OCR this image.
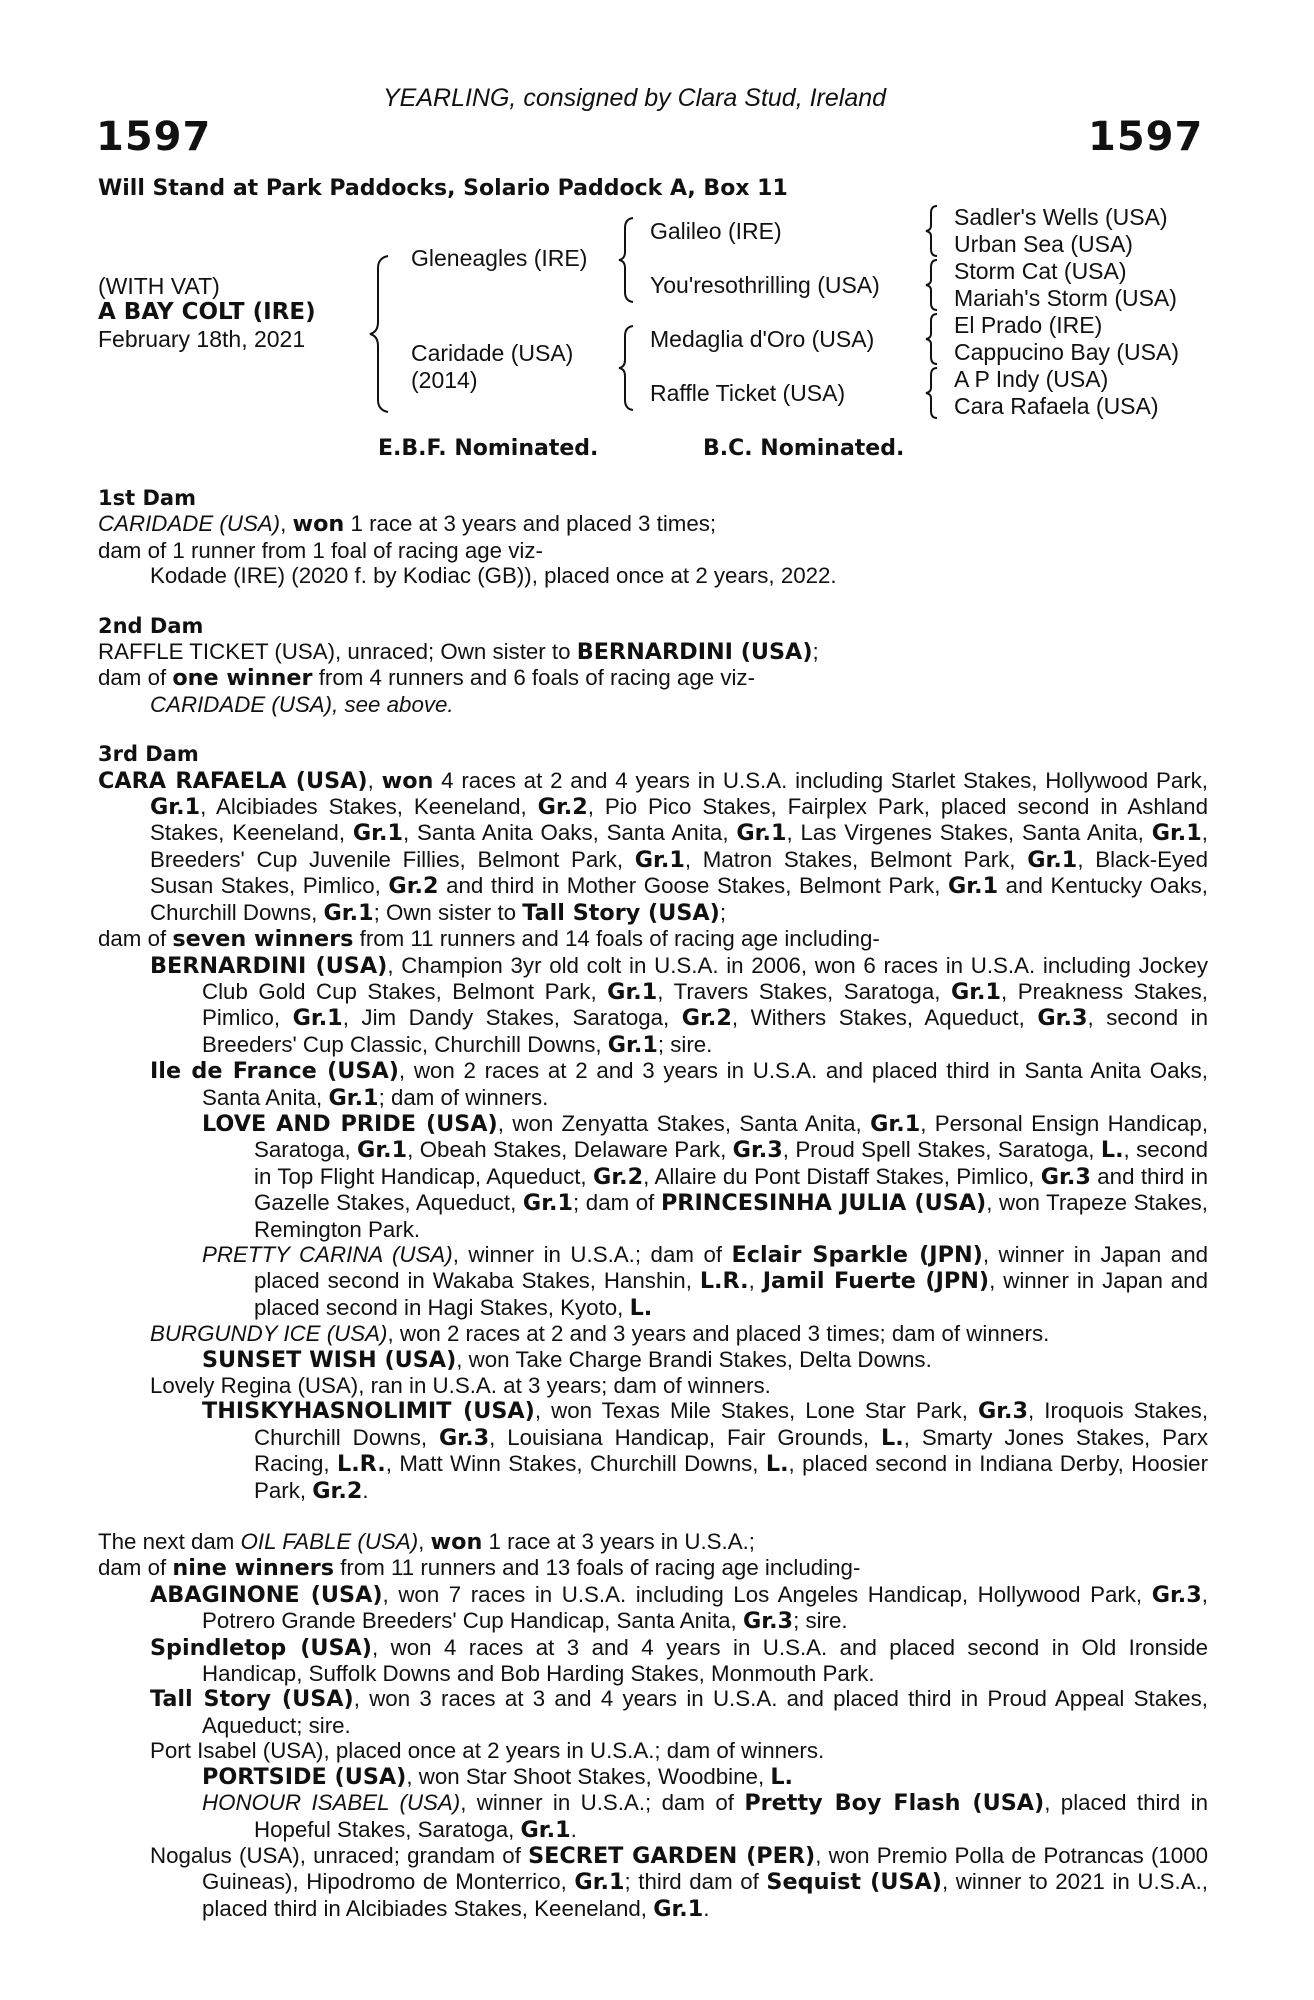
YEARLING, consigned by Clara Stud, Ireland
1597	1597
Will Stand at Park Paddocks, Solario Paddock A, Box 11
(WITH VAT)
A BAY COLT (IRE)
February 18th, 2021
Gleneagles (IRE)
Caridade (USA)
(2014)
Galileo (IRE)
You'resothrilling (USA)
Medaglia d'Oro (USA)
Raffle Ticket (USA)
Sadler's Wells (USA)
Urban Sea (USA)
Storm Cat (USA)
Mariah's Storm (USA)
El Prado (IRE)
Cappucino Bay (USA)
A P Indy (USA)
Cara Rafaela (USA)
E.B.F. Nominated.	B.C. Nominated.

1st Dam

CARIDADE (USA), won 1 race at 3 years and placed 3 times;

dam of 1 runner from 1 foal of racing age viz-

Kodade (IRE) (2020 f. by Kodiac (GB)), placed once at 2 years, 2022.

2nd Dam

RAFFLE TICKET (USA), unraced; Own sister to BERNARDINI (USA);

dam of one winner from 4 runners and 6 foals of racing age viz-

CARIDADE (USA), see above.

3rd Dam

CARA RAFAELA (USA), won 4 races at 2 and 4 years in U.S.A. including Starlet Stakes, Hollywood Park, Gr.1, Alcibiades Stakes, Keeneland, Gr.2, Pio Pico Stakes, Fairplex Park, placed second in Ashland Stakes, Keeneland, Gr.1, Santa Anita Oaks, Santa Anita, Gr.1, Las Virgenes Stakes, Santa Anita, Gr.1, Breeders' Cup Juvenile Fillies, Belmont Park, Gr.1, Matron Stakes, Belmont Park, Gr.1, Black-Eyed Susan Stakes, Pimlico, Gr.2 and third in Mother Goose Stakes, Belmont Park, Gr.1 and Kentucky Oaks, Churchill Downs, Gr.1; Own sister to Tall Story (USA);

dam of seven winners from 11 runners and 14 foals of racing age including-

BERNARDINI (USA), Champion 3yr old colt in U.S.A. in 2006, won 6 races in U.S.A. including Jockey Club Gold Cup Stakes, Belmont Park, Gr.1, Travers Stakes, Saratoga, Gr.1, Preakness Stakes, Pimlico, Gr.1, Jim Dandy Stakes, Saratoga, Gr.2, Withers Stakes, Aqueduct, Gr.3, second in Breeders' Cup Classic, Churchill Downs, Gr.1; sire.

Ile de France (USA), won 2 races at 2 and 3 years in U.S.A. and placed third in Santa Anita Oaks, Santa Anita, Gr.1; dam of winners.

LOVE AND PRIDE (USA), won Zenyatta Stakes, Santa Anita, Gr.1, Personal Ensign Handicap, Saratoga, Gr.1, Obeah Stakes, Delaware Park, Gr.3, Proud Spell Stakes, Saratoga, L., second in Top Flight Handicap, Aqueduct, Gr.2, Allaire du Pont Distaff Stakes, Pimlico, Gr.3 and third in Gazelle Stakes, Aqueduct, Gr.1; dam of PRINCESINHA JULIA (USA), won Trapeze Stakes, Remington Park.

PRETTY CARINA (USA), winner in U.S.A.; dam of Eclair Sparkle (JPN), winner in Japan and placed second in Wakaba Stakes, Hanshin, L.R., Jamil Fuerte (JPN), winner in Japan and placed second in Hagi Stakes, Kyoto, L.

BURGUNDY ICE (USA), won 2 races at 2 and 3 years and placed 3 times; dam of winners.

SUNSET WISH (USA), won Take Charge Brandi Stakes, Delta Downs.

Lovely Regina (USA), ran in U.S.A. at 3 years; dam of winners.

THISKYHASNOLIMIT (USA), won Texas Mile Stakes, Lone Star Park, Gr.3, Iroquois Stakes, Churchill Downs, Gr.3, Louisiana Handicap, Fair Grounds, L., Smarty Jones Stakes, Parx Racing, L.R., Matt Winn Stakes, Churchill Downs, L., placed second in Indiana Derby, Hoosier Park, Gr.2.

The next dam OIL FABLE (USA), won 1 race at 3 years in U.S.A.;

dam of nine winners from 11 runners and 13 foals of racing age including-

ABAGINONE (USA), won 7 races in U.S.A. including Los Angeles Handicap, Hollywood Park, Gr.3, Potrero Grande Breeders' Cup Handicap, Santa Anita, Gr.3; sire.

Spindletop (USA), won 4 races at 3 and 4 years in U.S.A. and placed second in Old Ironside Handicap, Suffolk Downs and Bob Harding Stakes, Monmouth Park.

Tall Story (USA), won 3 races at 3 and 4 years in U.S.A. and placed third in Proud Appeal Stakes, Aqueduct; sire.

Port Isabel (USA), placed once at 2 years in U.S.A.; dam of winners.

PORTSIDE (USA), won Star Shoot Stakes, Woodbine, L.

HONOUR ISABEL (USA), winner in U.S.A.; dam of Pretty Boy Flash (USA), placed third in Hopeful Stakes, Saratoga, Gr.1.

Nogalus (USA), unraced; grandam of SECRET GARDEN (PER), won Premio Polla de Potrancas (1000 Guineas), Hipodromo de Monterrico, Gr.1; third dam of Sequist (USA), winner to 2021 in U.S.A., placed third in Alcibiades Stakes, Keeneland, Gr.1.
